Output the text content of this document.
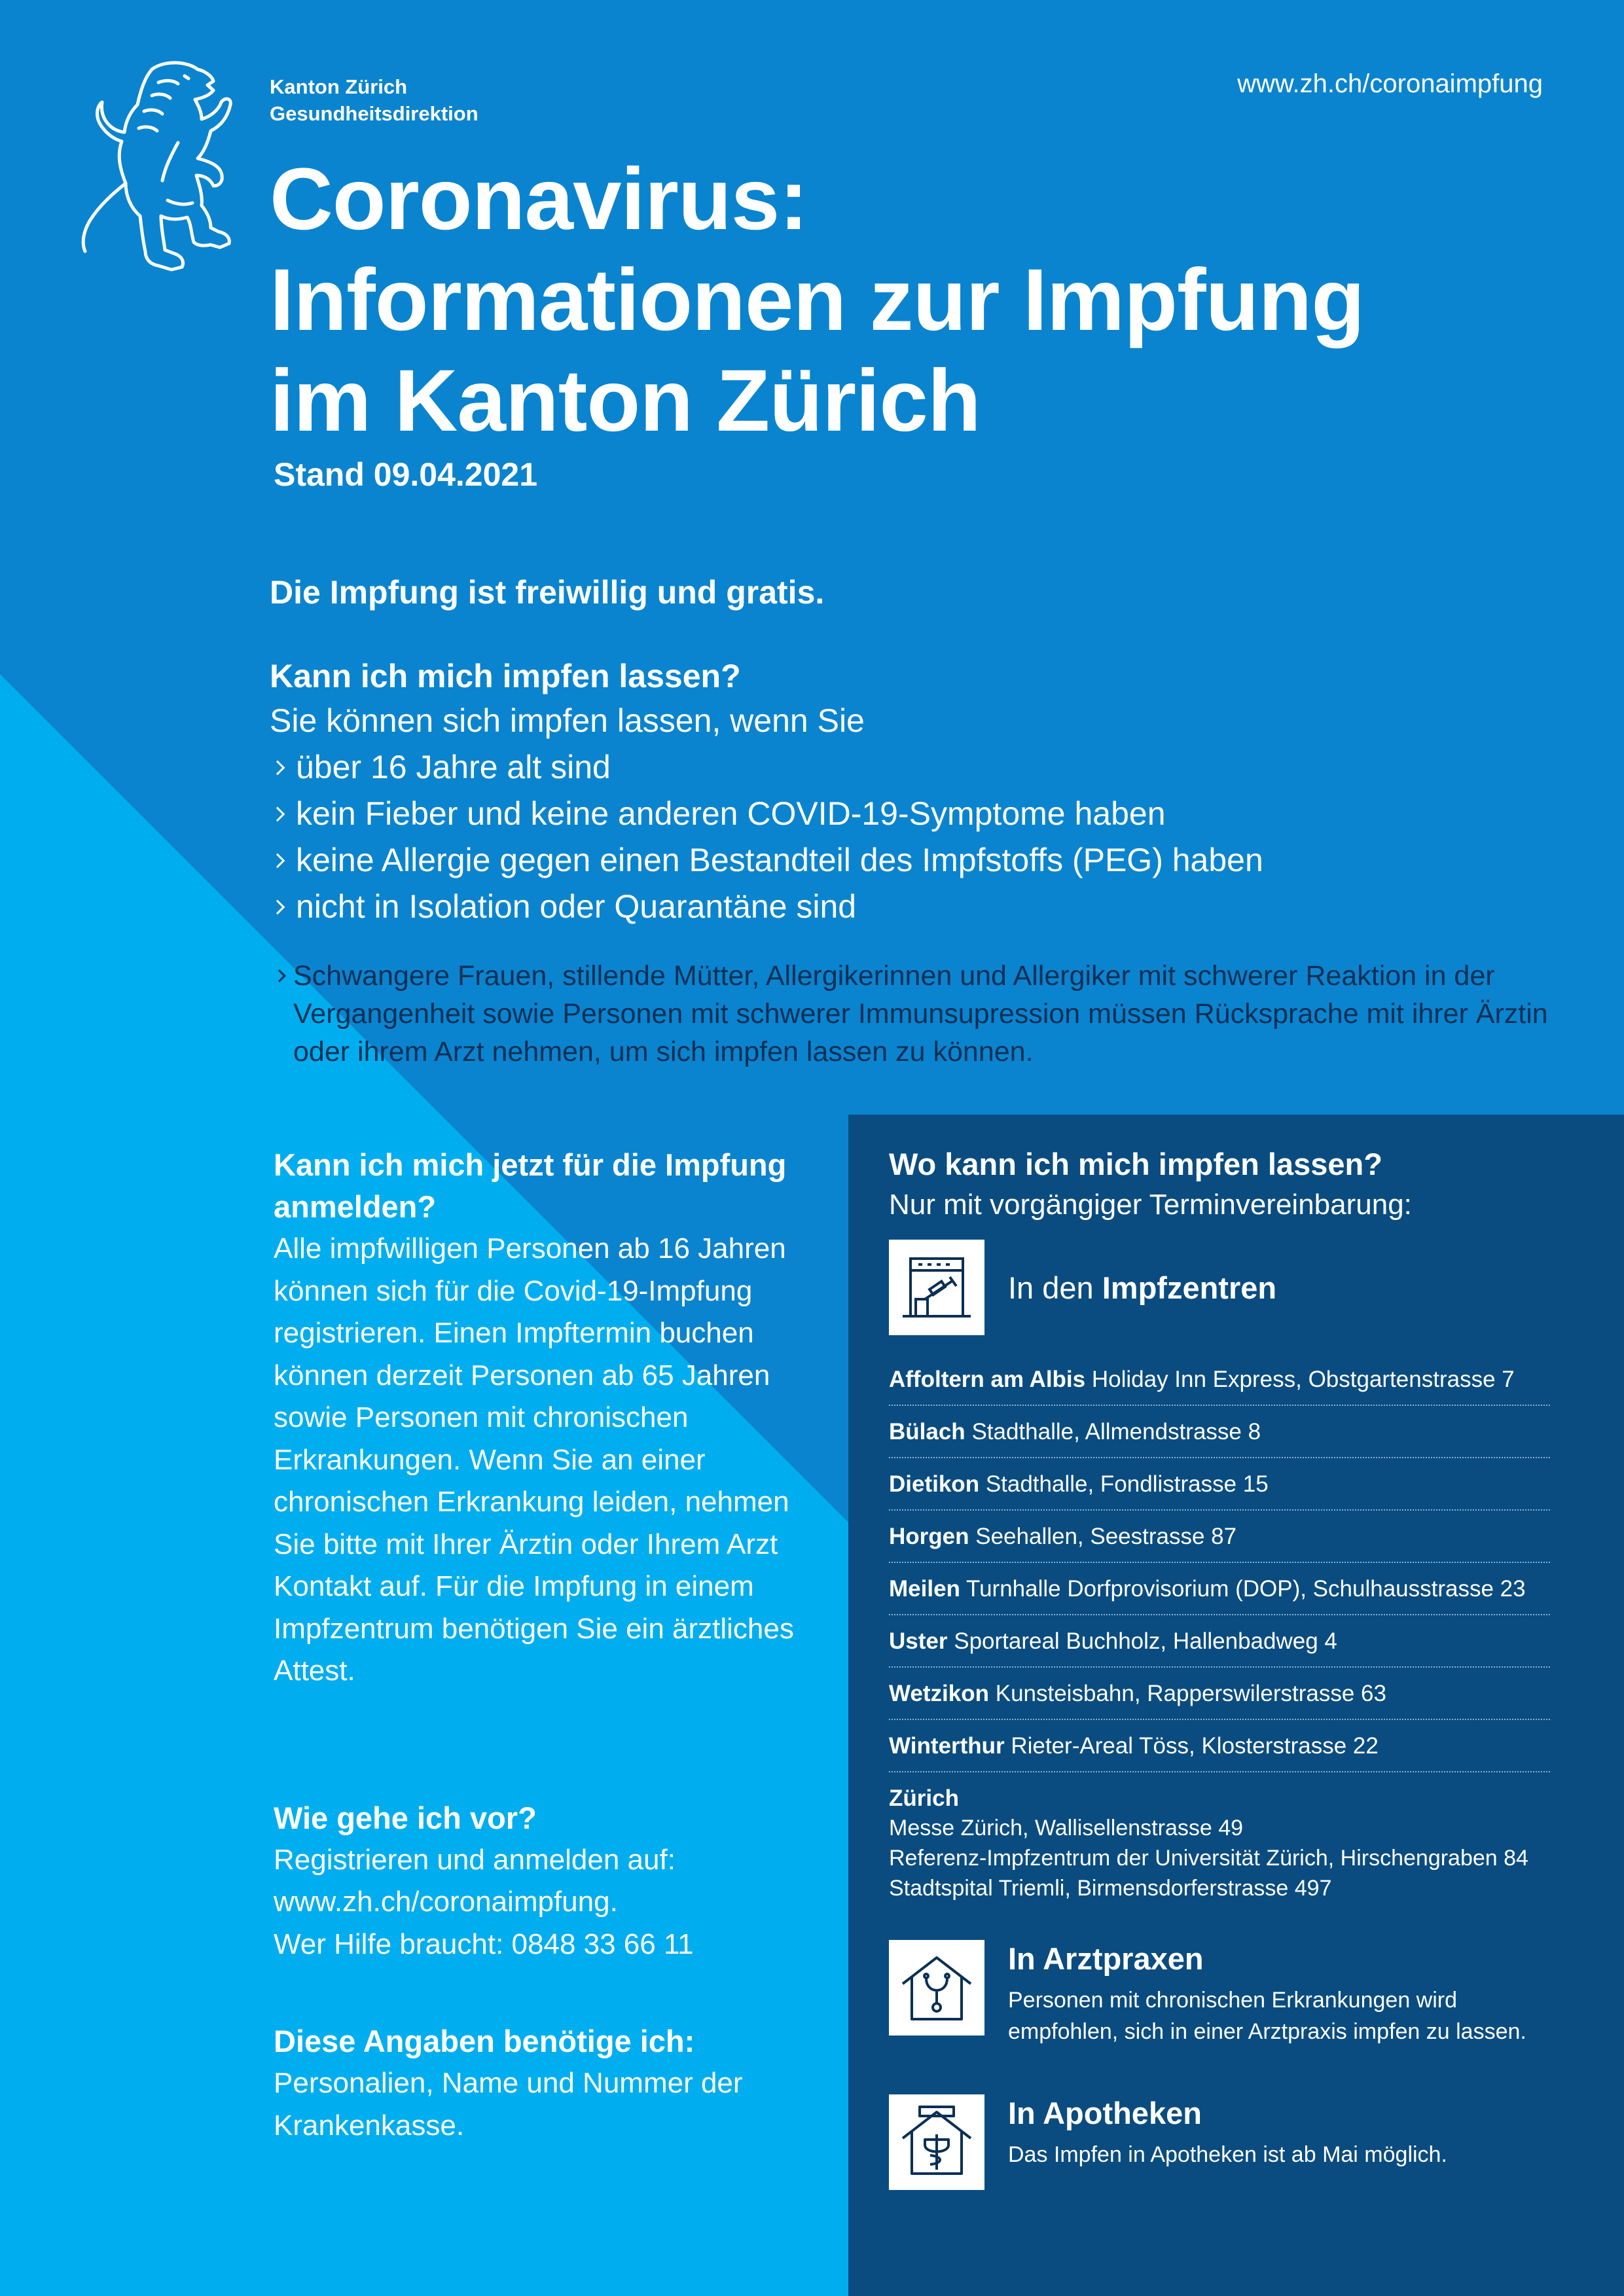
Kanton Zürich
Gesundheitsdirektion
www.zh.ch/coronaimpfung
Coronavirus:
Informationen zur Impfung
im Kanton Zürich
Stand 09.04.2021
Die Impfung ist freiwillig und gratis.
Kann ich mich impfen lassen?
Sie können sich impfen lassen, wenn Sie
über 16 Jahre alt sind
kein Fieber und keine anderen COVID-19-Symptome haben
keine Allergie gegen einen Bestandteil des Impfstoffs (PEG) haben
nicht in Isolation oder Quarantäne sind
Schwangere Frauen, stillende Mütter, Allergikerinnen und Allergiker mit schwerer Reaktion in der Vergangenheit sowie Personen mit schwerer Immunsupression müssen Rücksprache mit ihrer Ärztin oder ihrem Arzt nehmen, um sich impfen lassen zu können.
Kann ich mich jetzt für die Impfung anmelden?
Alle impfwilligen Personen ab 16 Jahren können sich für die Covid-19-Impfung registrieren. Einen Impftermin buchen können derzeit Personen ab 65 Jahren sowie Personen mit chronischen Erkrankungen. Wenn Sie an einer chronischen Erkrankung leiden, nehmen Sie bitte mit Ihrer Ärztin oder Ihrem Arzt Kontakt auf. Für die Impfung in einem Impfzentrum benötigen Sie ein ärztliches Attest.
Wie gehe ich vor?
Registrieren und anmelden auf:
www.zh.ch/coronaimpfung.
Wer Hilfe braucht: 0848 33 66 11
Diese Angaben benötige ich:
Personalien, Name und Nummer der Krankenkasse.
Wo kann ich mich impfen lassen?
Nur mit vorgängiger Terminvereinbarung:
In den Impfzentren
Affoltern am Albis Holiday Inn Express, Obstgartenstrasse 7
Bülach Stadthalle, Allmendstrasse 8
Dietikon Stadthalle, Fondlistrasse 15
Horgen Seehallen, Seestrasse 87
Meilen Turnhalle Dorfprovisorium (DOP), Schulhausstrasse 23
Uster Sportareal Buchholz, Hallenbadweg 4
Wetzikon Kunsteisbahn, Rapperswilerstrasse 63
Winterthur Rieter-Areal Töss, Klosterstrasse 22
Zürich
Messe Zürich, Wallisellenstrasse 49
Referenz-Impfzentrum der Universität Zürich, Hirschengraben 84
Stadtspital Triemli, Birmensdorferstrasse 497
In Arztpraxen
Personen mit chronischen Erkrankungen wird empfohlen, sich in einer Arztpraxis impfen zu lassen.
In Apotheken
Das Impfen in Apotheken ist ab Mai möglich.
